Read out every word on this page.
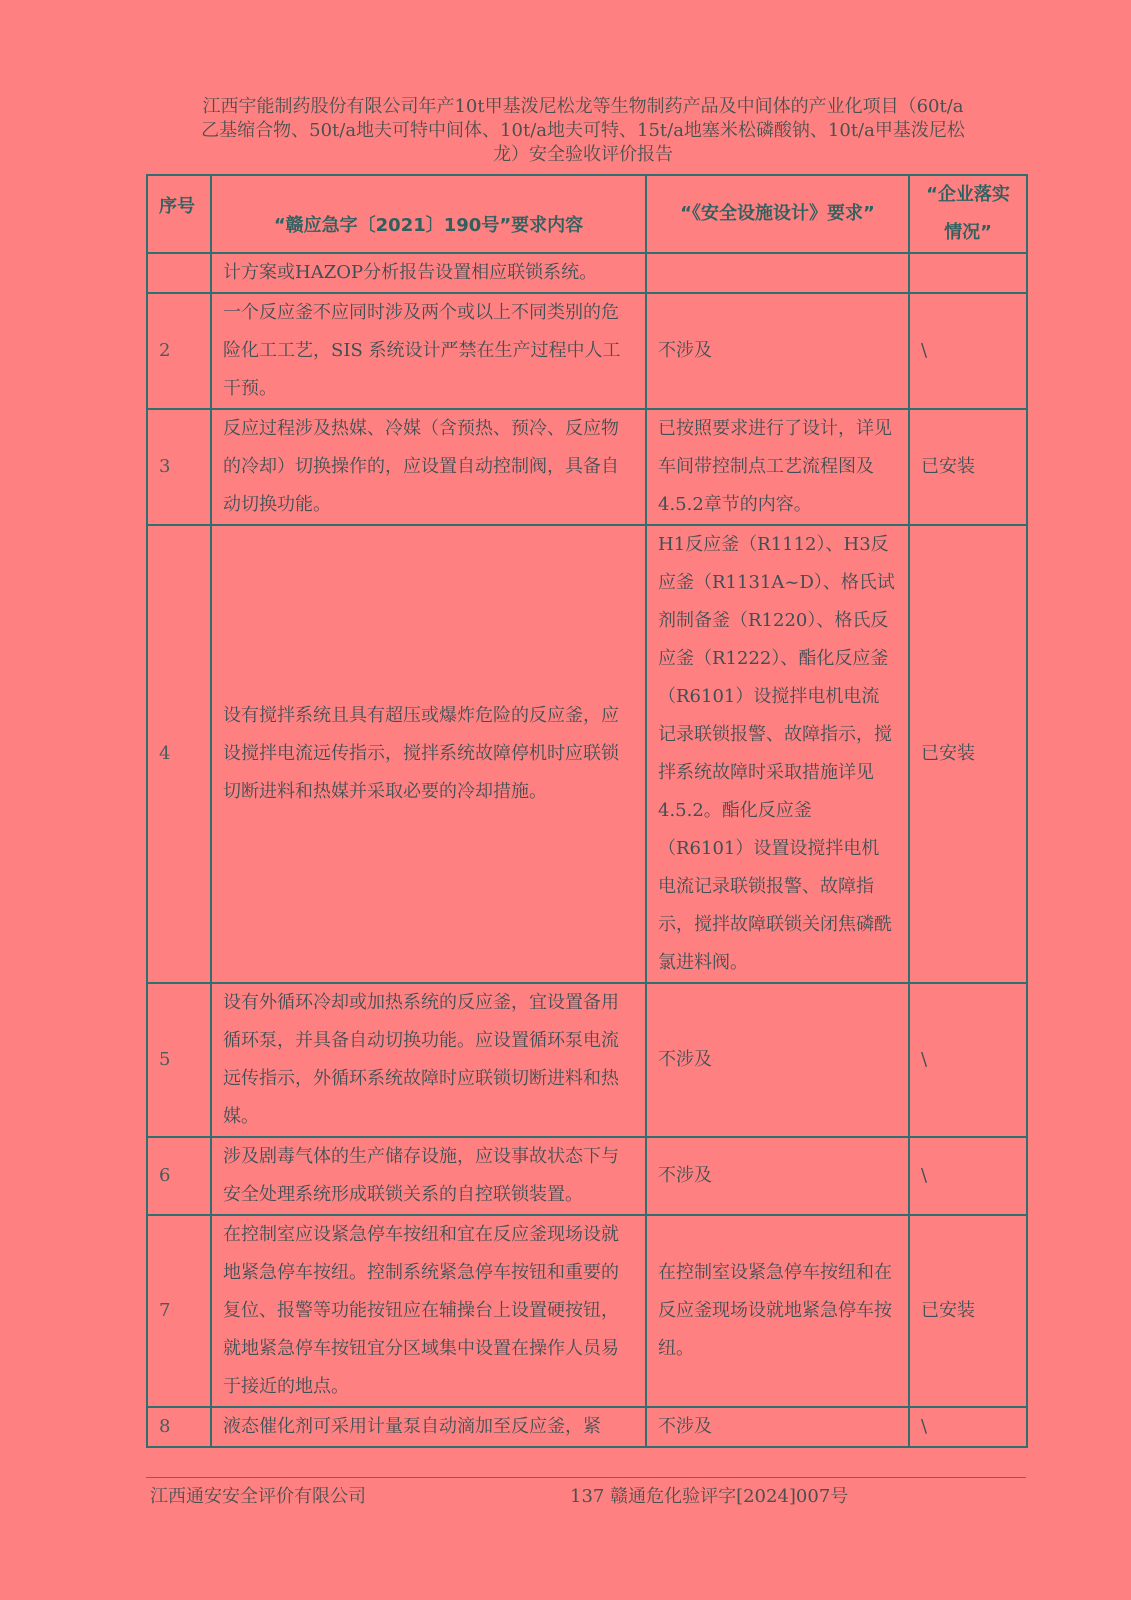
江西宇能制药股份有限公司年产10t甲基泼尼松龙等生物制药产品及中间体的产业化项目（60t/a
乙基缩合物、50t/a地夫可特中间体、10t/a地夫可特、15t/a地塞米松磷酸钠、10t/a甲基泼尼松
龙）安全验收评价报告
序号	“赣应急字〔2021〕190号”要求内容	“《安全设施设计》要求”	“企业落实情况”
	计方案或HAZOP分析报告设置相应联锁系统。		
2	一个反应釜不应同时涉及两个或以上不同类别的危险化工工艺，SIS 系统设计严禁在生产过程中人工干预。	不涉及	\
3	反应过程涉及热媒、冷媒（含预热、预冷、反应物的冷却）切换操作的，应设置自动控制阀，具备自动切换功能。	已按照要求进行了设计，详见车间带控制点工艺流程图及4.5.2章节的内容。	已安装
4	设有搅拌系统且具有超压或爆炸危险的反应釜，应设搅拌电流远传指示，搅拌系统故障停机时应联锁切断进料和热媒并采取必要的冷却措施。	H1反应釜（R1112）、H3反应釜（R1131A~D）、格氏试剂制备釜（R1220）、格氏反应釜（R1222）、酯化反应釜（R6101）设搅拌电机电流记录联锁报警、故障指示，搅拌系统故障时采取措施详见4.5.2。酯化反应釜（R6101）设置设搅拌电机电流记录联锁报警、故障指示，搅拌故障联锁关闭焦磷酰氯进料阀。	已安装
5	设有外循环冷却或加热系统的反应釜，宜设置备用循环泵，并具备自动切换功能。应设置循环泵电流远传指示，外循环系统故障时应联锁切断进料和热媒。	不涉及	\
6	涉及剧毒气体的生产储存设施，应设事故状态下与安全处理系统形成联锁关系的自控联锁装置。	不涉及	\
7	在控制室应设紧急停车按纽和宜在反应釜现场设就地紧急停车按纽。控制系统紧急停车按钮和重要的复位、报警等功能按钮应在辅操台上设置硬按钮，就地紧急停车按钮宜分区域集中设置在操作人员易于接近的地点。	在控制室设紧急停车按纽和在反应釜现场设就地紧急停车按纽。	已安装
8	液态催化剂可采用计量泵自动滴加至反应釜，紧	不涉及	\
江西通安安全评价有限公司	137 赣通危化验评字[2024]007号
